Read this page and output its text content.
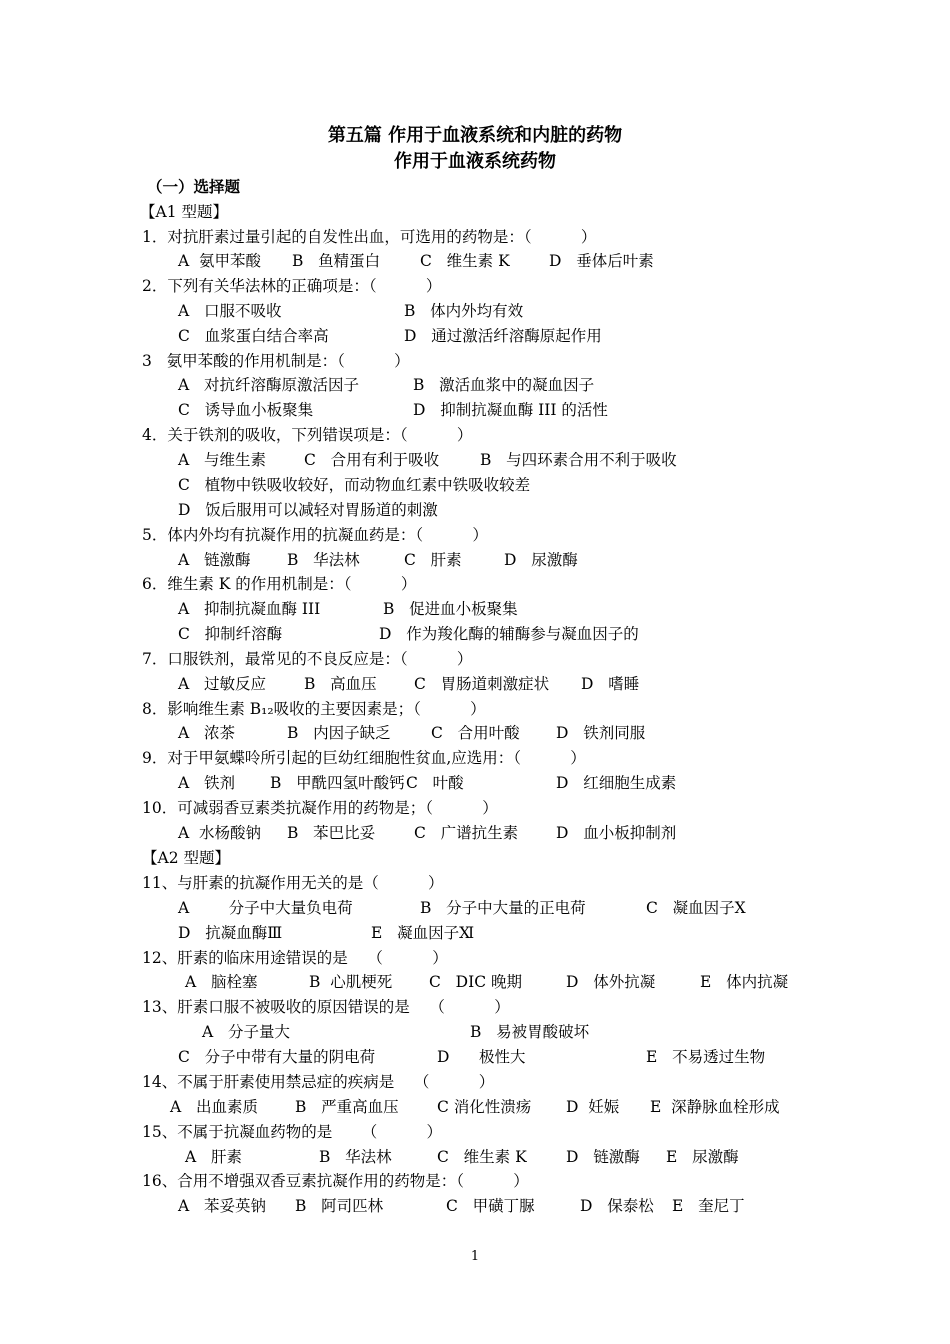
第五篇 作用于血液系统和内脏的药物
作用于血液系统药物
（一）选择题
【A1 型题】
1．对抗肝素过量引起的自发性出血，可选用的药物是：（          ）
A  氨甲苯酸 B   鱼精蛋白	C   维生素 K	D   垂体后叶素
2．下列有关华法林的正确项是：（          ）
A   口服不吸收	B   体内外均有效
C   血浆蛋白结合率高	D   通过激活纤溶酶原起作用
3   氨甲苯酸的作用机制是：（          ）
A   对抗纤溶酶原激活因子	B   激活血浆中的凝血因子
C   诱导血小板聚集	D   抑制抗凝血酶 III 的活性
4．关于铁剂的吸收，下列错误项是：（          ）
A   与维生素 C   合用有利于吸收	B   与四环素合用不利于吸收
C   植物中铁吸收较好，而动物血红素中铁吸收较差
D   饭后服用可以减轻对胃肠道的刺激
5．体内外均有抗凝作用的抗凝血药是：（          ）
A   链激酶 B   华法林	C   肝素	D   尿激酶
6．维生素 K 的作用机制是：（          ）
A   抑制抗凝血酶 III	B   促进血小板聚集
C   抑制纤溶酶	D   作为羧化酶的辅酶参与凝血因子的
7．口服铁剂，最常见的不良反应是：（          ）
A   过敏反应 B   高血压 C   胃肠道刺激症状 D   嗜睡
8．影响维生素 B₁₂吸收的主要因素是；（          ）
A   浓茶	B   内因子缺乏	C   合用叶酸 D   铁剂同服
9．对于甲氨蝶呤所引起的巨幼红细胞性贫血,应选用：（          ）
A   铁剂 B   甲酰四氢叶酸钙 C   叶酸	D   红细胞生成素
10．可减弱香豆素类抗凝作用的药物是；（          ）
A  水杨酸钠 B   苯巴比妥	C   广谱抗生素 D   血小板抑制剂
【A2 型题】
11、与肝素的抗凝作用无关的是（          ）
A        分子中大量负电荷	B   分子中大量的正电荷	C   凝血因子Ⅹ
D   抗凝血酶Ⅲ	E   凝血因子Ⅺ
12、肝素的临床用途错误的是    （          ）
A   脑栓塞	B  心肌梗死 C   DIC 晚期	D   体外抗凝	E   体内抗凝
13、肝素口服不被吸收的原因错误的是    （          ）
A   分子量大	B   易被胃酸破坏
C   分子中带有大量的阴电荷	D      极性大	E   不易透过生物
14、不属于肝素使用禁忌症的疾病是    （          ）
A   出血素质 B   严重高血压 C 消化性溃疡 D  妊娠 E  深静脉血栓形成
15、不属于抗凝血药物的是      （          ）
A   肝素	B   华法林	C   维生素 K	D   链激酶 E   尿激酶
16、合用不增强双香豆素抗凝作用的药物是：（          ）
A   苯妥英钠 B   阿司匹林	C   甲磺丁脲	D   保泰松 E   奎尼丁
1
